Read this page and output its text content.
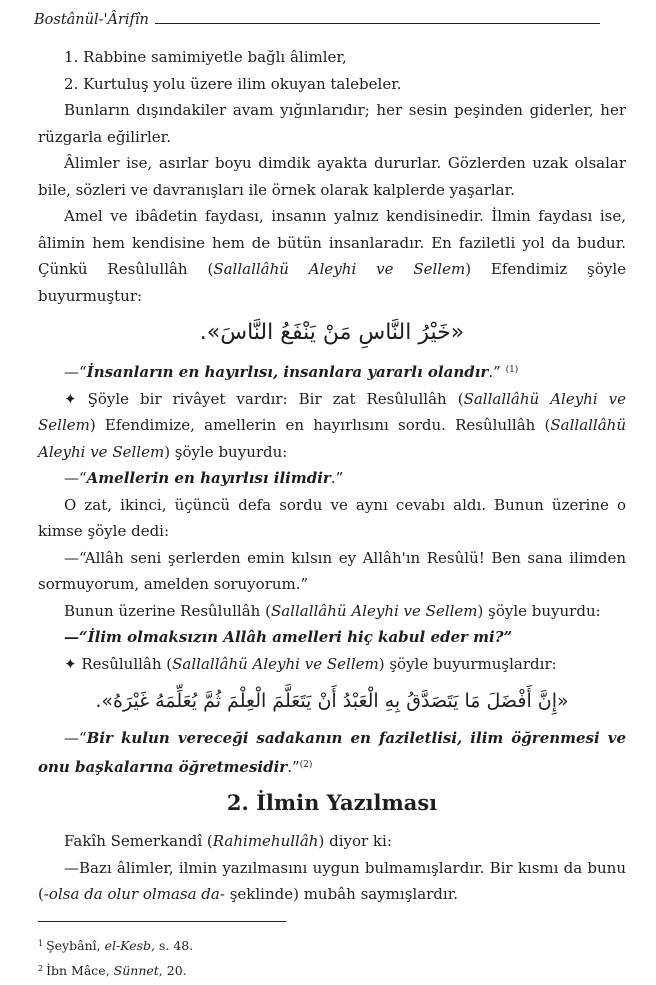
Bostânül-'Ârifîn

1. Rabbine samimiyetle bağlı âlimler,

2. Kurtuluş yolu üzere ilim okuyan talebeler.

Bunların dışındakiler avam yığınlarıdır; her sesin peşinden giderler, her rüzgarla eğilirler.

Âlimler ise, asırlar boyu dimdik ayakta dururlar. Gözlerden uzak olsalar bile, sözleri ve davranışları ile örnek olarak kalplerde yaşarlar.

Amel ve ibâdetin faydası, insanın yalnız kendisinedir. İlmin faydası ise, âlimin hem kendisine hem de bütün insanlaradır. En faziletli yol da budur. Çünkü Resûlullâh (Sallallâhü Aleyhi ve Sellem) Efendimiz şöyle buyurmuştur:

«خَيْرُ النَّاسِ مَنْ يَنْفَعُ النَّاسَ».

—“İnsanların en hayırlısı, insanlara yararlı olandır.” $^{(1)}$

✦ Şöyle bir rivâyet vardır: Bir zat Resûlullâh (Sallallâhü Aleyhi ve Sellem) Efendimize, amellerin en hayırlısını sordu. Resûlullâh (Sallallâhü Aleyhi ve Sellem) şöyle buyurdu:

—“Amellerin en hayırlısı ilimdir.”

O zat, ikinci, üçüncü defa sordu ve aynı cevabı aldı. Bunun üzerine o kimse şöyle dedi:

—“Allâh seni şerlerden emin kılsın ey Allâh'ın Resûlü! Ben sana ilimden sormuyorum, amelden soruyorum.”

Bunun üzerine Resûlullâh (Sallallâhü Aleyhi ve Sellem) şöyle buyurdu:

—“İlim olmaksızın Allâh amelleri hiç kabul eder mi?”

✦ Resûlullâh (Sallallâhü Aleyhi ve Sellem) şöyle buyurmuşlardır:

«إِنَّ أَفْضَلَ مَا يَتَصَدَّقُ بِهِ الْعَبْدُ أَنْ يَتَعَلَّمَ الْعِلْمَ ثُمَّ يُعَلِّمَهُ غَيْرَهُ».

—“Bir kulun vereceği sadakanın en faziletlisi, ilim öğrenmesi ve onu başkalarına öğretmesidir.”$^{(2)}$

2. İlmin Yazılması

Fakîh Semerkandî (Rahimehullâh) diyor ki:

—Bazı âlimler, ilmin yazılmasını uygun bulmamışlardır. Bir kısmı da bunu (-olsa da olur olmasa da- şeklinde) mubâh saymışlardır.

$^1$ Şeybânî, el-Kesb, s. 48.

$^2$ İbn Mâce, Sünnet, 20.
